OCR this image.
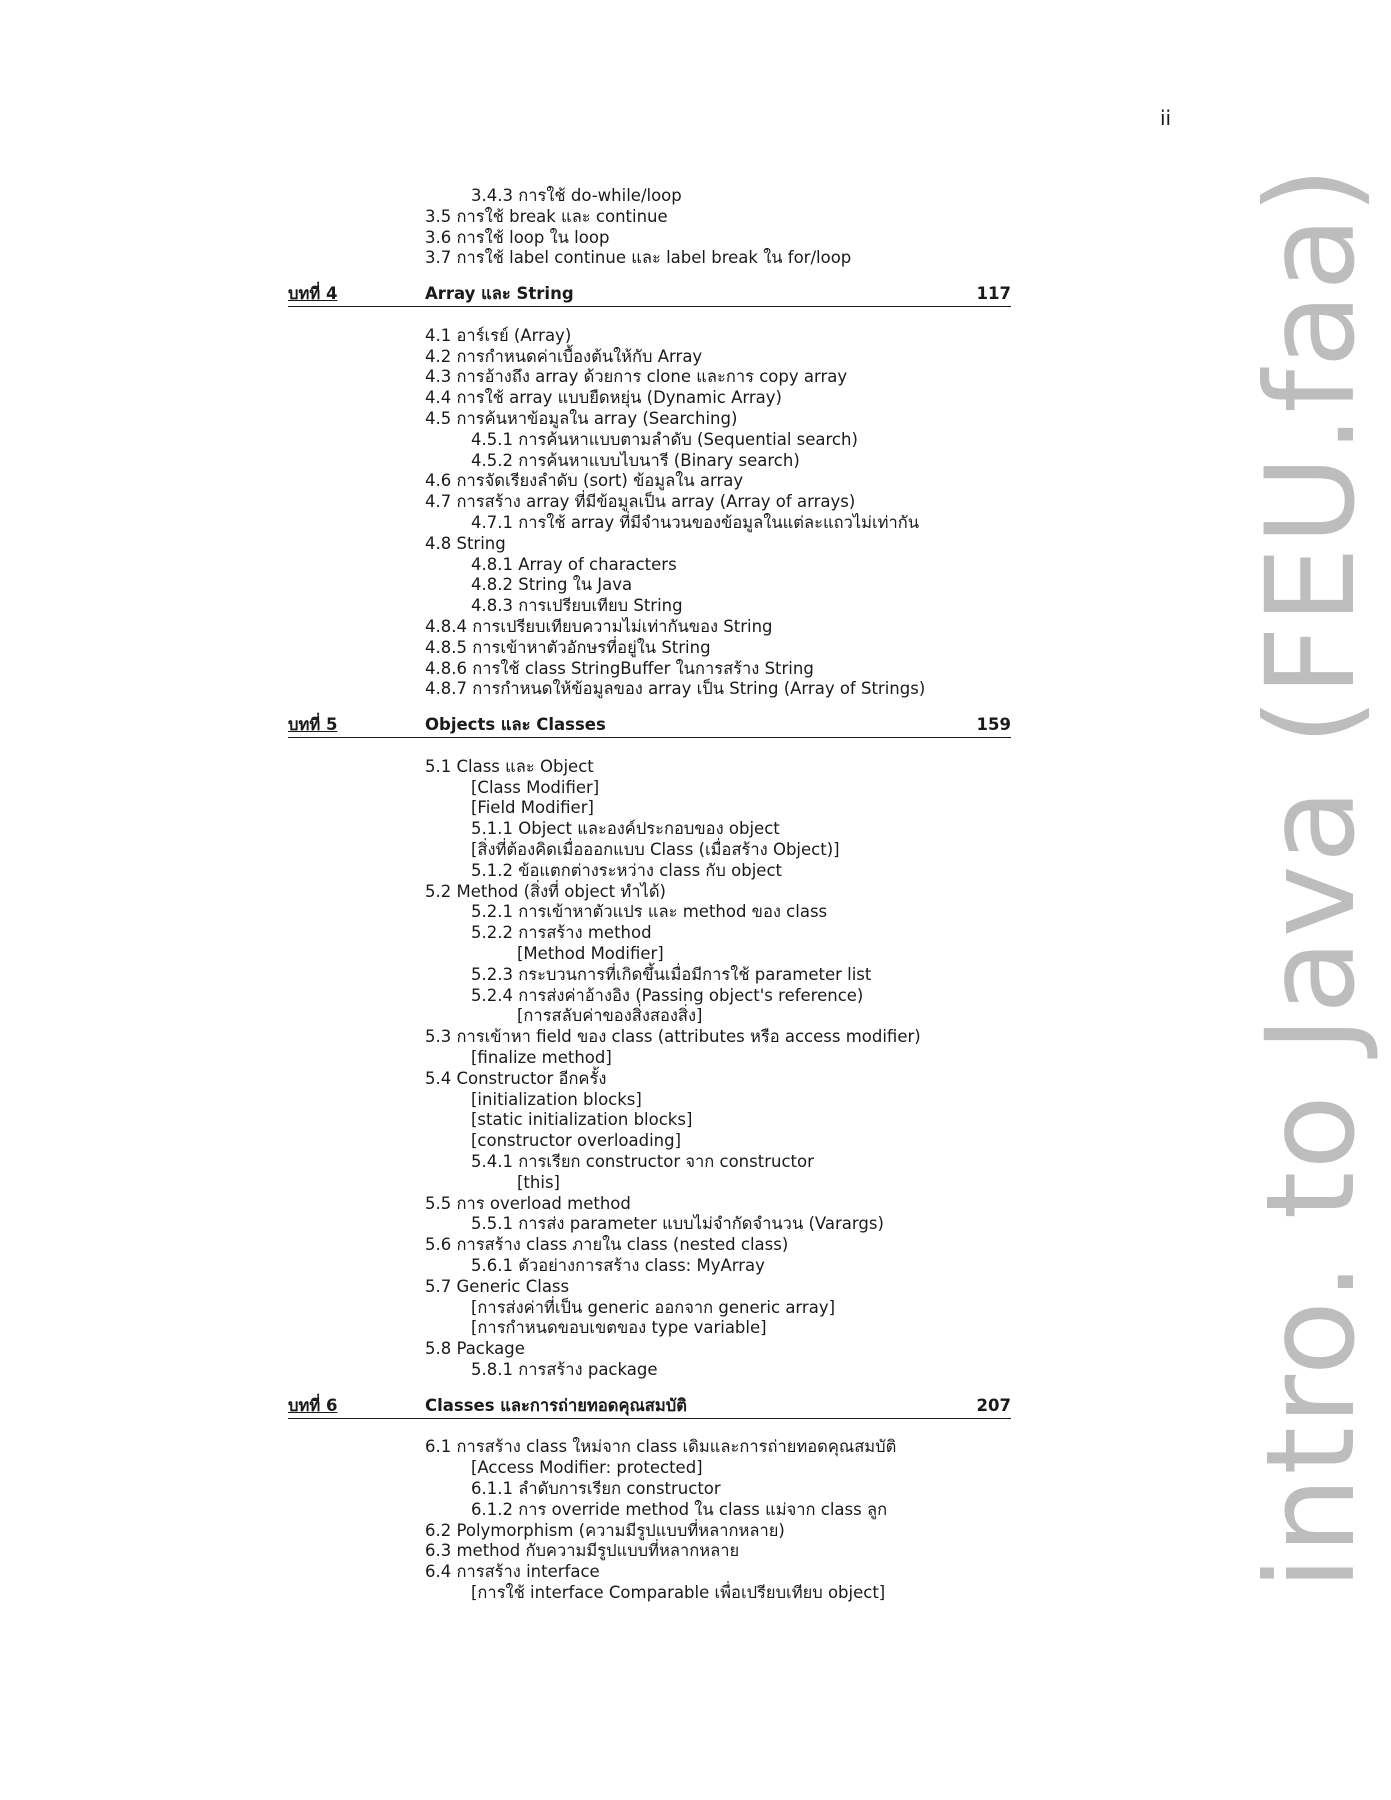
ii
intro. to Java (FEU.faa)
3.4.3 การใช้ do-while/loop
3.5 การใช้ break และ continue
3.6 การใช้ loop ใน loop
3.7 การใช้ label continue และ label break ใน for/loop
บทที่ 4	Array และ String	117
4.1 อาร์เรย์ (Array)
4.2 การกำหนดค่าเบื้องต้นให้กับ Array
4.3 การอ้างถึง array ด้วยการ clone และการ copy array
4.4 การใช้ array แบบยืดหยุ่น (Dynamic Array)
4.5 การค้นหาข้อมูลใน array (Searching)
4.5.1 การค้นหาแบบตามลำดับ (Sequential search)
4.5.2 การค้นหาแบบไบนารี (Binary search)
4.6 การจัดเรียงลำดับ (sort) ข้อมูลใน array
4.7 การสร้าง array ที่มีข้อมูลเป็น array (Array of arrays)
4.7.1 การใช้ array ที่มีจำนวนของข้อมูลในแต่ละแถวไม่เท่ากัน
4.8 String
4.8.1 Array of characters
4.8.2 String ใน Java
4.8.3 การเปรียบเทียบ String
4.8.4 การเปรียบเทียบความไม่เท่ากันของ String
4.8.5 การเข้าหาตัวอักษรที่อยู่ใน String
4.8.6 การใช้ class StringBuffer ในการสร้าง String
4.8.7 การกำหนดให้ข้อมูลของ array เป็น String (Array of Strings)
บทที่ 5	Objects และ Classes	159
5.1 Class และ Object
[Class Modifier]
[Field Modifier]
5.1.1 Object และองค์ประกอบของ object
[สิ่งที่ต้องคิดเมื่อออกแบบ Class (เมื่อสร้าง Object)]
5.1.2 ข้อแตกต่างระหว่าง class กับ object
5.2 Method (สิ่งที่ object ทำได้)
5.2.1 การเข้าหาตัวแปร และ method ของ class
5.2.2 การสร้าง method
[Method Modifier]
5.2.3 กระบวนการที่เกิดขึ้นเมื่อมีการใช้ parameter list
5.2.4 การส่งค่าอ้างอิง (Passing object's reference)
[การสลับค่าของสิ่งสองสิ่ง]
5.3 การเข้าหา field ของ class (attributes หรือ access modifier)
[finalize method]
5.4 Constructor อีกครั้ง
[initialization blocks]
[static initialization blocks]
[constructor overloading]
5.4.1 การเรียก constructor จาก constructor
[this]
5.5 การ overload method
5.5.1 การส่ง parameter แบบไม่จำกัดจำนวน (Varargs)
5.6 การสร้าง class ภายใน class (nested class)
5.6.1 ตัวอย่างการสร้าง class: MyArray
5.7 Generic Class
[การส่งค่าที่เป็น generic ออกจาก generic array]
[การกำหนดขอบเขตของ type variable]
5.8 Package
5.8.1 การสร้าง package
บทที่ 6	Classes และการถ่ายทอดคุณสมบัติ	207
6.1 การสร้าง class ใหม่จาก class เดิมและการถ่ายทอดคุณสมบัติ
[Access Modifier: protected]
6.1.1 ลำดับการเรียก constructor
6.1.2 การ override method ใน class แม่จาก class ลูก
6.2 Polymorphism (ความมีรูปแบบที่หลากหลาย)
6.3 method กับความมีรูปแบบที่หลากหลาย
6.4 การสร้าง interface
[การใช้ interface Comparable เพื่อเปรียบเทียบ object]
